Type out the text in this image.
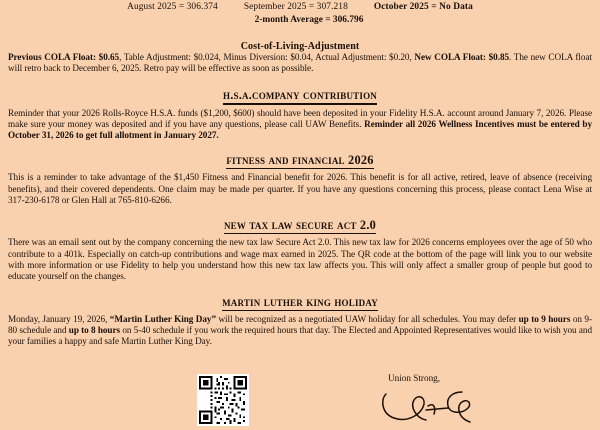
August 2025 = 306.374	September 2025 = 307.218	October 2025 = No Data
2-month Average = 306.796
Cost-of-Living-Adjustment

Previous COLA Float: $0.65, Table Adjustment: $0.024, Minus Diversion: $0.04, Actual Adjustment: $0.20, New COLA Float: $0.85. The new COLA float will retro back to December 6, 2025. Retro pay will be effective as soon as possible.

h.s.a.company contribution

Reminder that your 2026 Rolls-Royce H.S.A. funds ($1,200, $600) should have been deposited in your Fidelity H.S.A. account around January 7, 2026. Please make sure your money was deposited and if you have any questions, please call UAW Benefits. Reminder all 2026 Wellness Incentives must be entered by October 31, 2026 to get full allotment in January 2027.

fitness and financial 2026

This is a reminder to take advantage of the $1,450 Fitness and Financial benefit for 2026. This benefit is for all active, retired, leave of absence (receiving benefits), and their covered dependents. One claim may be made per quarter. If you have any questions concerning this process, please contact Lena Wise at 317-230-6178 or Glen Hall at 765-810-6266.

new tax law secure act 2.0

There was an email sent out by the company concerning the new tax law Secure Act 2.0. This new tax law for 2026 concerns employees over the age of 50 who contribute to a 401k. Especially on catch-up contributions and wage max earned in 2025. The QR code at the bottom of the page will link you to our website with more information or use Fidelity to help you understand how this new tax law affects you. This will only affect a smaller group of people but good to educate yourself on the changes.

martin luther king holiday

Monday, January 19, 2026, “Martin Luther King Day” will be recognized as a negotiated UAW holiday for all schedules. You may defer up to 9 hours on 9-80 schedule and up to 8 hours on 5-40 schedule if you work the required hours that day. The Elected and Appointed Representatives would like to wish you and your families a happy and safe Martin Luther King Day.

Union Strong,
